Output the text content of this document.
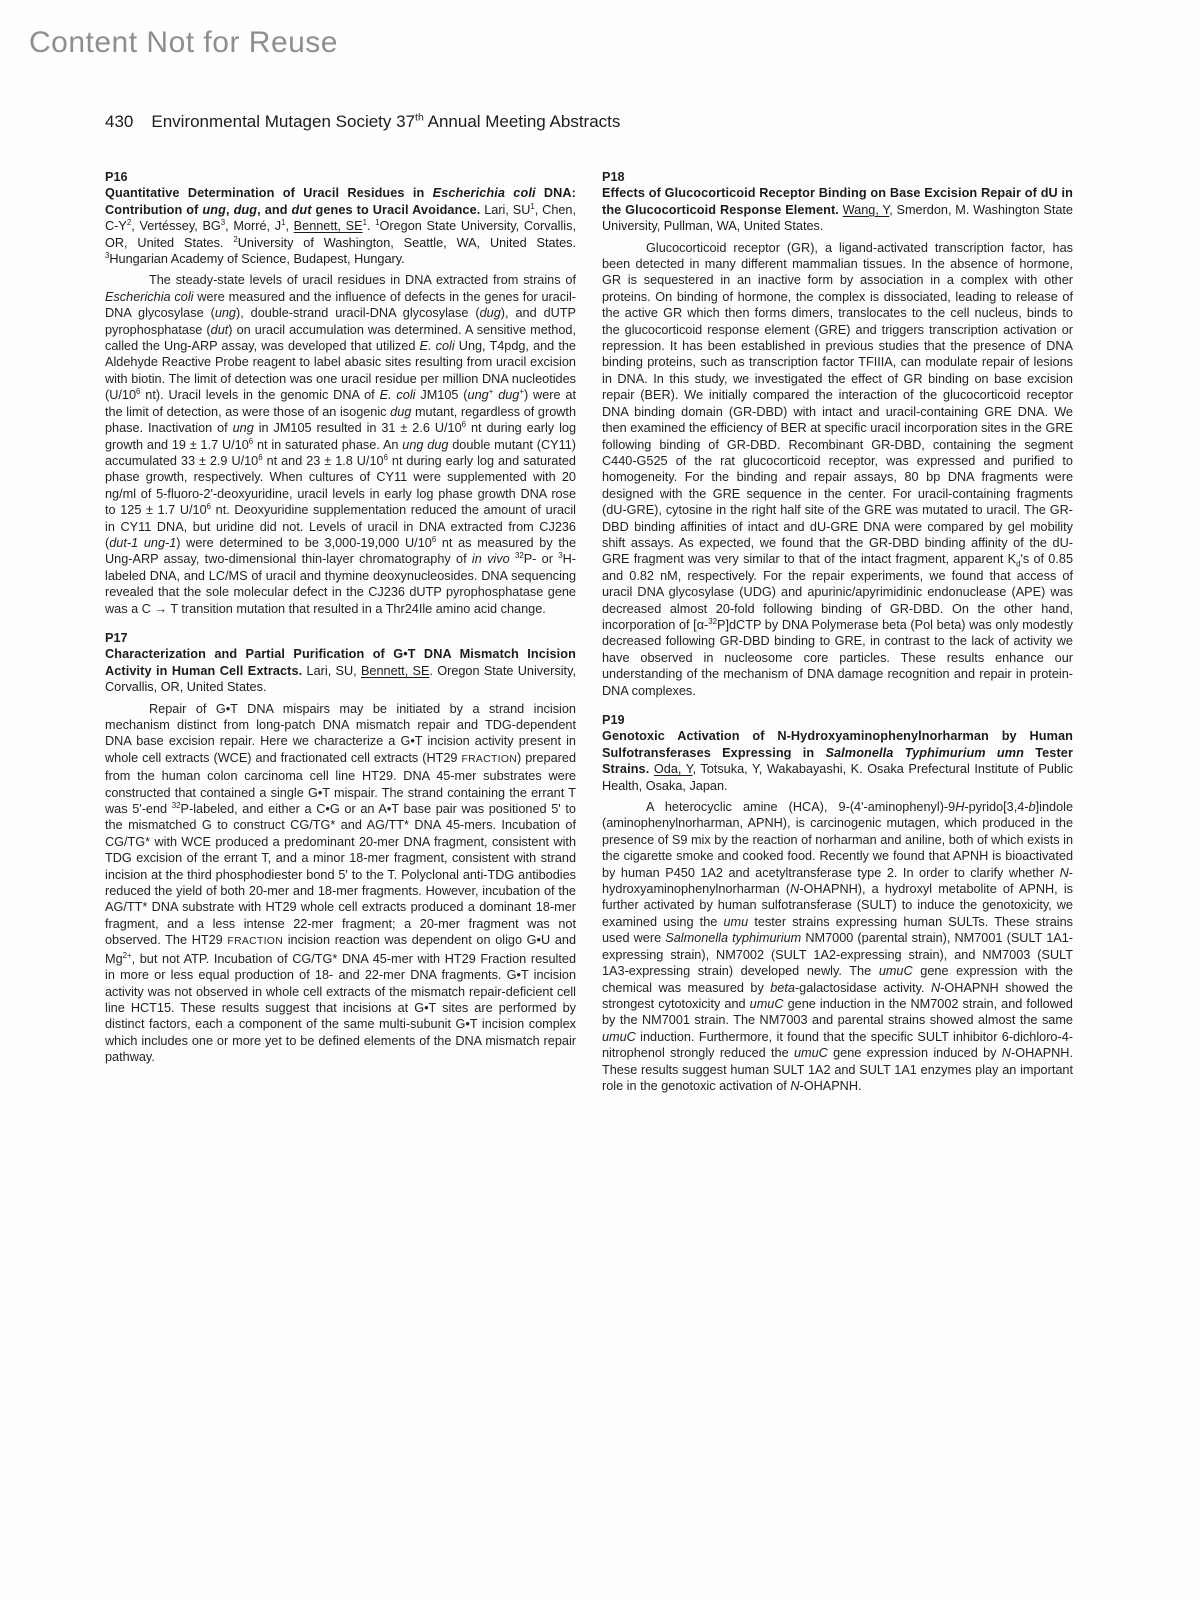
Content Not for Reuse
430 Environmental Mutagen Society 37th Annual Meeting Abstracts
P16
Quantitative Determination of Uracil Residues in Escherichia coli DNA: Contribution of ung, dug, and dut genes to Uracil Avoidance. Lari, $SU^1$, Chen, $C-Y^2$, Vertéssey, $BG^3$, Morré, $J^1$, Bennett, $SE^1$. $^1$Oregon State University, Corvallis, OR, United States. $^2$University of Washington, Seattle, WA, United States. $^3$Hungarian Academy of Science, Budapest, Hungary.

The steady-state levels of uracil residues in DNA extracted from strains of Escherichia coli were measured and the influence of defects in the genes for uracil-DNA glycosylase (ung), double-strand uracil-DNA glycosylase (dug), and dUTP pyrophosphatase (dut) on uracil accumulation was determined. A sensitive method, called the Ung-ARP assay, was developed that utilized E. coli Ung, T4pdg, and the Aldehyde Reactive Probe reagent to label abasic sites resulting from uracil excision with biotin. The limit of detection was one uracil residue per million DNA nucleotides ($U/10^6$ nt). Uracil levels in the genomic DNA of E. coli JM105 (ung+ dug+) were at the limit of detection, as were those of an isogenic dug mutant, regardless of growth phase. Inactivation of ung in JM105 resulted in 31 ± 2.6 $U/10^6$ nt during early log growth and 19 ± 1.7 $U/10^6$ nt in saturated phase. An ung dug double mutant (CY11) accumulated 33 ± 2.9 $U/10^6$ nt and 23 ± 1.8 $U/10^6$ nt during early log and saturated phase growth, respectively. When cultures of CY11 were supplemented with 20 ng/ml of 5-fluoro-2'-deoxyuridine, uracil levels in early log phase growth DNA rose to 125 ± 1.7 $U/10^6$ nt. Deoxyuridine supplementation reduced the amount of uracil in CY11 DNA, but uridine did not. Levels of uracil in DNA extracted from CJ236 (dut-1 ung-1) were determined to be 3,000-19,000 $U/10^6$ nt as measured by the Ung-ARP assay, two-dimensional thin-layer chromatography of in vivo $^{32}$P- or $^3$H-labeled DNA, and LC/MS of uracil and thymine deoxynucleosides. DNA sequencing revealed that the sole molecular defect in the CJ236 dUTP pyrophosphatase gene was a C → T transition mutation that resulted in a Thr24Ile amino acid change.

P17
Characterization and Partial Purification of G•T DNA Mismatch Incision Activity in Human Cell Extracts. Lari, SU, Bennett, SE. Oregon State University, Corvallis, OR, United States.

Repair of G•T DNA mispairs may be initiated by a strand incision mechanism distinct from long-patch DNA mismatch repair and TDG-dependent DNA base excision repair. Here we characterize a G•T incision activity present in whole cell extracts (WCE) and fractionated cell extracts (HT29 FRACTION) prepared from the human colon carcinoma cell line HT29. DNA 45-mer substrates were constructed that contained a single G•T mispair. The strand containing the errant T was 5'-end $^{32}$P-labeled, and either a C•G or an A•T base pair was positioned 5' to the mismatched G to construct CG/TG* and AG/TT* DNA 45-mers. Incubation of CG/TG* with WCE produced a predominant 20-mer DNA fragment, consistent with TDG excision of the errant T, and a minor 18-mer fragment, consistent with strand incision at the third phosphodiester bond 5' to the T. Polyclonal anti-TDG antibodies reduced the yield of both 20-mer and 18-mer fragments. However, incubation of the AG/TT* DNA substrate with HT29 whole cell extracts produced a dominant 18-mer fragment, and a less intense 22-mer fragment; a 20-mer fragment was not observed. The HT29 FRACTION incision reaction was dependent on oligo G•U and $Mg^{2+}$, but not ATP. Incubation of CG/TG* DNA 45-mer with HT29 Fraction resulted in more or less equal production of 18- and 22-mer DNA fragments. G•T incision activity was not observed in whole cell extracts of the mismatch repair-deficient cell line HCT15. These results suggest that incisions at G•T sites are performed by distinct factors, each a component of the same multi-subunit G•T incision complex which includes one or more yet to be defined elements of the DNA mismatch repair pathway.

P18
Effects of Glucocorticoid Receptor Binding on Base Excision Repair of dU in the Glucocorticoid Response Element. Wang, Y, Smerdon, M. Washington State University, Pullman, WA, United States.

Glucocorticoid receptor (GR), a ligand-activated transcription factor, has been detected in many different mammalian tissues. In the absence of hormone, GR is sequestered in an inactive form by association in a complex with other proteins. On binding of hormone, the complex is dissociated, leading to release of the active GR which then forms dimers, translocates to the cell nucleus, binds to the glucocorticoid response element (GRE) and triggers transcription activation or repression. It has been established in previous studies that the presence of DNA binding proteins, such as transcription factor TFIIIA, can modulate repair of lesions in DNA. In this study, we investigated the effect of GR binding on base excision repair (BER). We initially compared the interaction of the glucocorticoid receptor DNA binding domain (GR-DBD) with intact and uracil-containing GRE DNA. We then examined the efficiency of BER at specific uracil incorporation sites in the GRE following binding of GR-DBD. Recombinant GR-DBD, containing the segment C440-G525 of the rat glucocorticoid receptor, was expressed and purified to homogeneity. For the binding and repair assays, 80 bp DNA fragments were designed with the GRE sequence in the center. For uracil-containing fragments (dU-GRE), cytosine in the right half site of the GRE was mutated to uracil. The GR-DBD binding affinities of intact and dU-GRE DNA were compared by gel mobility shift assays. As expected, we found that the GR-DBD binding affinity of the dU-GRE fragment was very similar to that of the intact fragment, apparent $K_d's$ of 0.85 and 0.82 nM, respectively. For the repair experiments, we found that access of uracil DNA glycosylase (UDG) and apurinic/apyrimidinic endonuclease (APE) was decreased almost 20-fold following binding of GR-DBD. On the other hand, incorporation of [α-$^{32}$P]dCTP by DNA Polymerase beta (Pol beta) was only modestly decreased following GR-DBD binding to GRE, in contrast to the lack of activity we have observed in nucleosome core particles. These results enhance our understanding of the mechanism of DNA damage recognition and repair in protein-DNA complexes.

P19
Genotoxic Activation of N-Hydroxyaminophenylnorharman by Human Sulfotransferases Expressing in Salmonella Typhimurium umn Tester Strains. Oda, Y, Totsuka, Y, Wakabayashi, K. Osaka Prefectural Institute of Public Health, Osaka, Japan.

A heterocyclic amine (HCA), 9-(4'-aminophenyl)-9H-pyrido[3,4-b]indole (aminophenylnorharman, APNH), is carcinogenic mutagen, which produced in the presence of S9 mix by the reaction of norharman and aniline, both of which exists in the cigarette smoke and cooked food. Recently we found that APNH is bioactivated by human P450 1A2 and acetyltransferase type 2. In order to clarify whether N-hydroxyaminophenylnorharman (N-OHAPNH), a hydroxyl metabolite of APNH, is further activated by human sulfotransferase (SULT) to induce the genotoxicity, we examined using the umu tester strains expressing human SULTs. These strains used were Salmonella typhimurium NM7000 (parental strain), NM7001 (SULT 1A1-expressing strain), NM7002 (SULT 1A2-expressing strain), and NM7003 (SULT 1A3-expressing strain) developed newly. The umuC gene expression with the chemical was measured by beta-galactosidase activity. N-OHAPNH showed the strongest cytotoxicity and umuC gene induction in the NM7002 strain, and followed by the NM7001 strain. The NM7003 and parental strains showed almost the same umuC induction. Furthermore, it found that the specific SULT inhibitor 6-dichloro-4-nitrophenol strongly reduced the umuC gene expression induced by N-OHAPNH. These results suggest human SULT 1A2 and SULT 1A1 enzymes play an important role in the genotoxic activation of N-OHAPNH.
